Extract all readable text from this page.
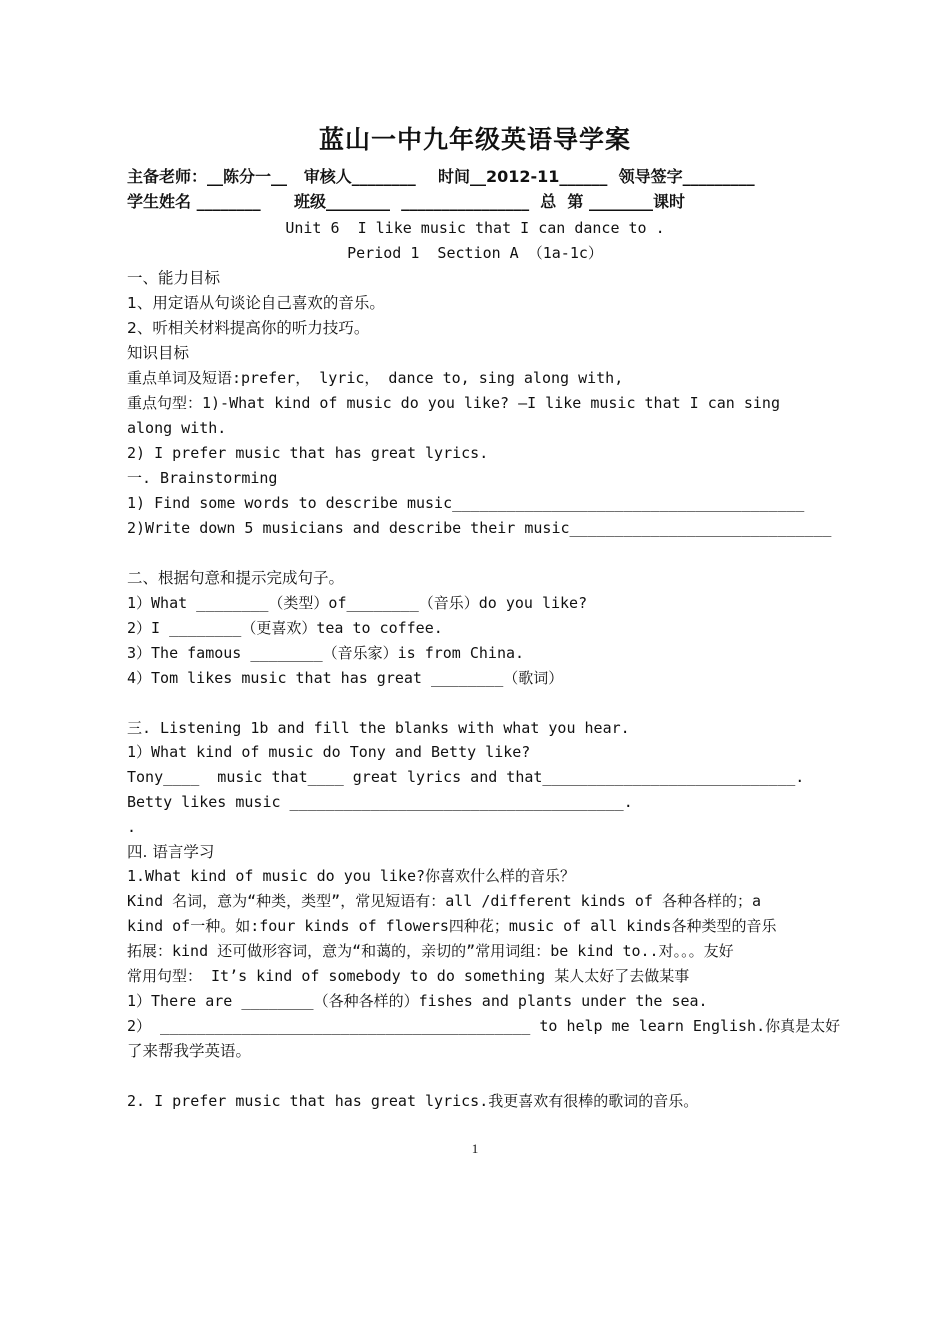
蓝山一中九年级英语导学案
主备老师：__陈分一__   审核人________    时间__2012-11______  领导签字_________
学生姓名 ________      班级________  ________________  总  第 ________课时
Unit 6  I like music that I can dance to .
Period 1  Section A （1a-1c）
一、能力目标
1、用定语从句谈论自己喜欢的音乐。
2、听相关材料提高你的听力技巧。
知识目标
重点单词及短语:prefer， lyric， dance to, sing along with,
重点句型：1)-What kind of music do you like? –I like music that I can sing
along with.
2) I prefer music that has great lyrics.
一. Brainstorming
1) Find some words to describe music_______________________________________
2)Write down 5 musicians and describe their music_____________________________
二、根据句意和提示完成句子。
1）What ________（类型）of________（音乐）do you like?
2）I ________（更喜欢）tea to coffee.
3）The famous ________（音乐家）is from China.
4）Tom likes music that has great ________（歌词）
三. Listening 1b and fill the blanks with what you hear.
1）What kind of music do Tony and Betty like?
Tony____  music that____ great lyrics and that____________________________.
Betty likes music _____________________________________.
.
四. 语言学习
1.What kind of music do you like?你喜欢什么样的音乐？
Kind 名词，意为“种类，类型”，常见短语有：all /different kinds of 各种各样的；a
kind of一种。如:four kinds of flowers四种花；music of all kinds各种类型的音乐
拓展：kind 还可做形容词，意为“和蔼的，亲切的”常用词组：be kind to..对。。。友好
常用句型： It’s kind of somebody to do something 某人太好了去做某事
1）There are ________（各种各样的）fishes and plants under the sea.
2） _________________________________________ to help me learn English.你真是太好
了来帮我学英语。
2. I prefer music that has great lyrics.我更喜欢有很棒的歌词的音乐。
1
